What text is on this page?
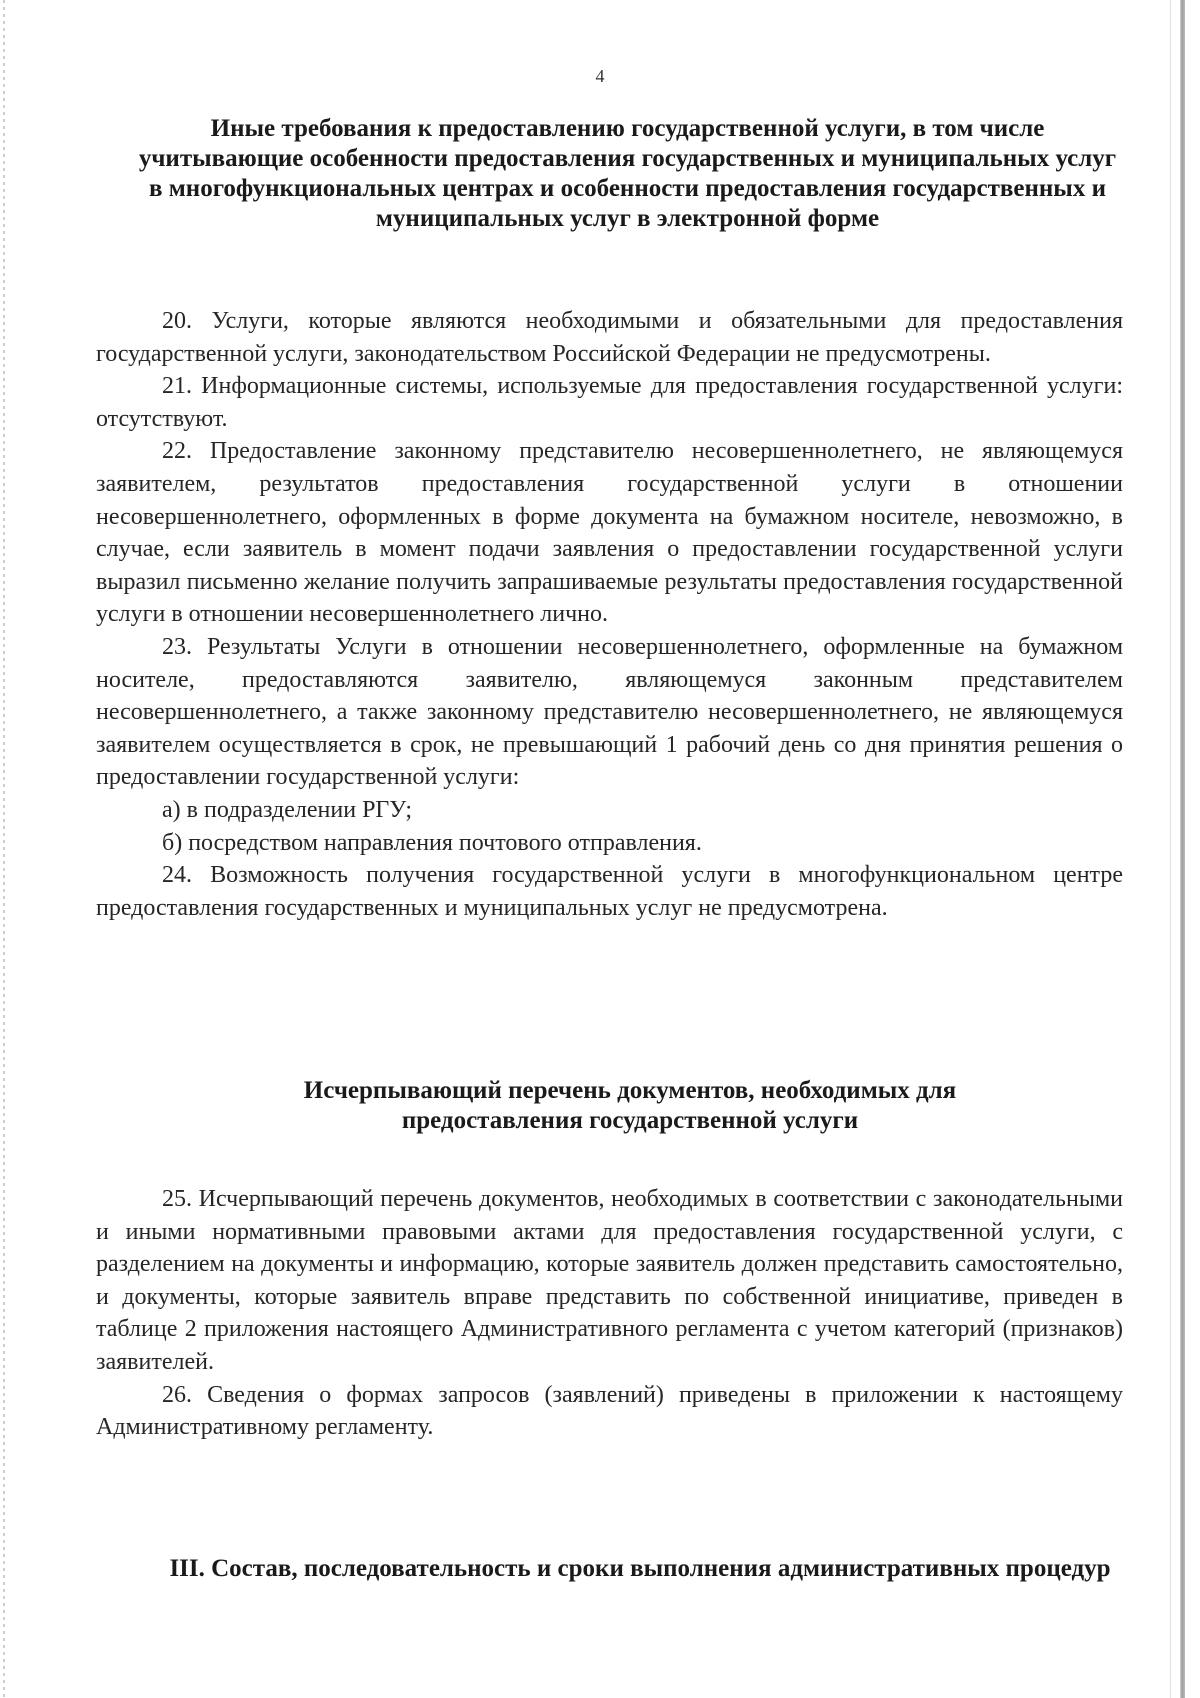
4
Иные требования к предоставлению государственной услуги, в том числе учитывающие особенности предоставления государственных и муниципальных услуг в многофункциональных центрах и особенности предоставления государственных и муниципальных услуг в электронной форме

20. Услуги, которые являются необходимыми и обязательными для предоставления государственной услуги, законодательством Российской Федерации не предусмотрены.

21. Информационные системы, используемые для предоставления государственной услуги: отсутствуют.

22. Предоставление законному представителю несовершеннолетнего, не являющемуся заявителем, результатов предоставления государственной услуги в отношении несовершеннолетнего, оформленных в форме документа на бумажном носителе, невозможно, в случае, если заявитель в момент подачи заявления о предоставлении государственной услуги выразил письменно желание получить запрашиваемые результаты предоставления государственной услуги в отношении несовершеннолетнего лично.

23. Результаты Услуги в отношении несовершеннолетнего, оформленные на бумажном носителе, предоставляются заявителю, являющемуся законным представителем несовершеннолетнего, а также законному представителю несовершеннолетнего, не являющемуся заявителем осуществляется в срок, не превышающий 1 рабочий день со дня принятия решения о предоставлении государственной услуги:

а) в подразделении РГУ;

б) посредством направления почтового отправления.

24. Возможность получения государственной услуги в многофункциональном центре предоставления государственных и муниципальных услуг не предусмотрена.

Исчерпывающий перечень документов, необходимых для предоставления государственной услуги

25. Исчерпывающий перечень документов, необходимых в соответствии с законодательными и иными нормативными правовыми актами для предоставления государственной услуги, с разделением на документы и информацию, которые заявитель должен представить самостоятельно, и документы, которые заявитель вправе представить по собственной инициативе, приведен в таблице 2 приложения настоящего Административного регламента с учетом категорий (признаков) заявителей.

26. Сведения о формах запросов (заявлений) приведены в приложении к настоящему Административному регламенту.

III. Состав, последовательность и сроки выполнения административных процедур
